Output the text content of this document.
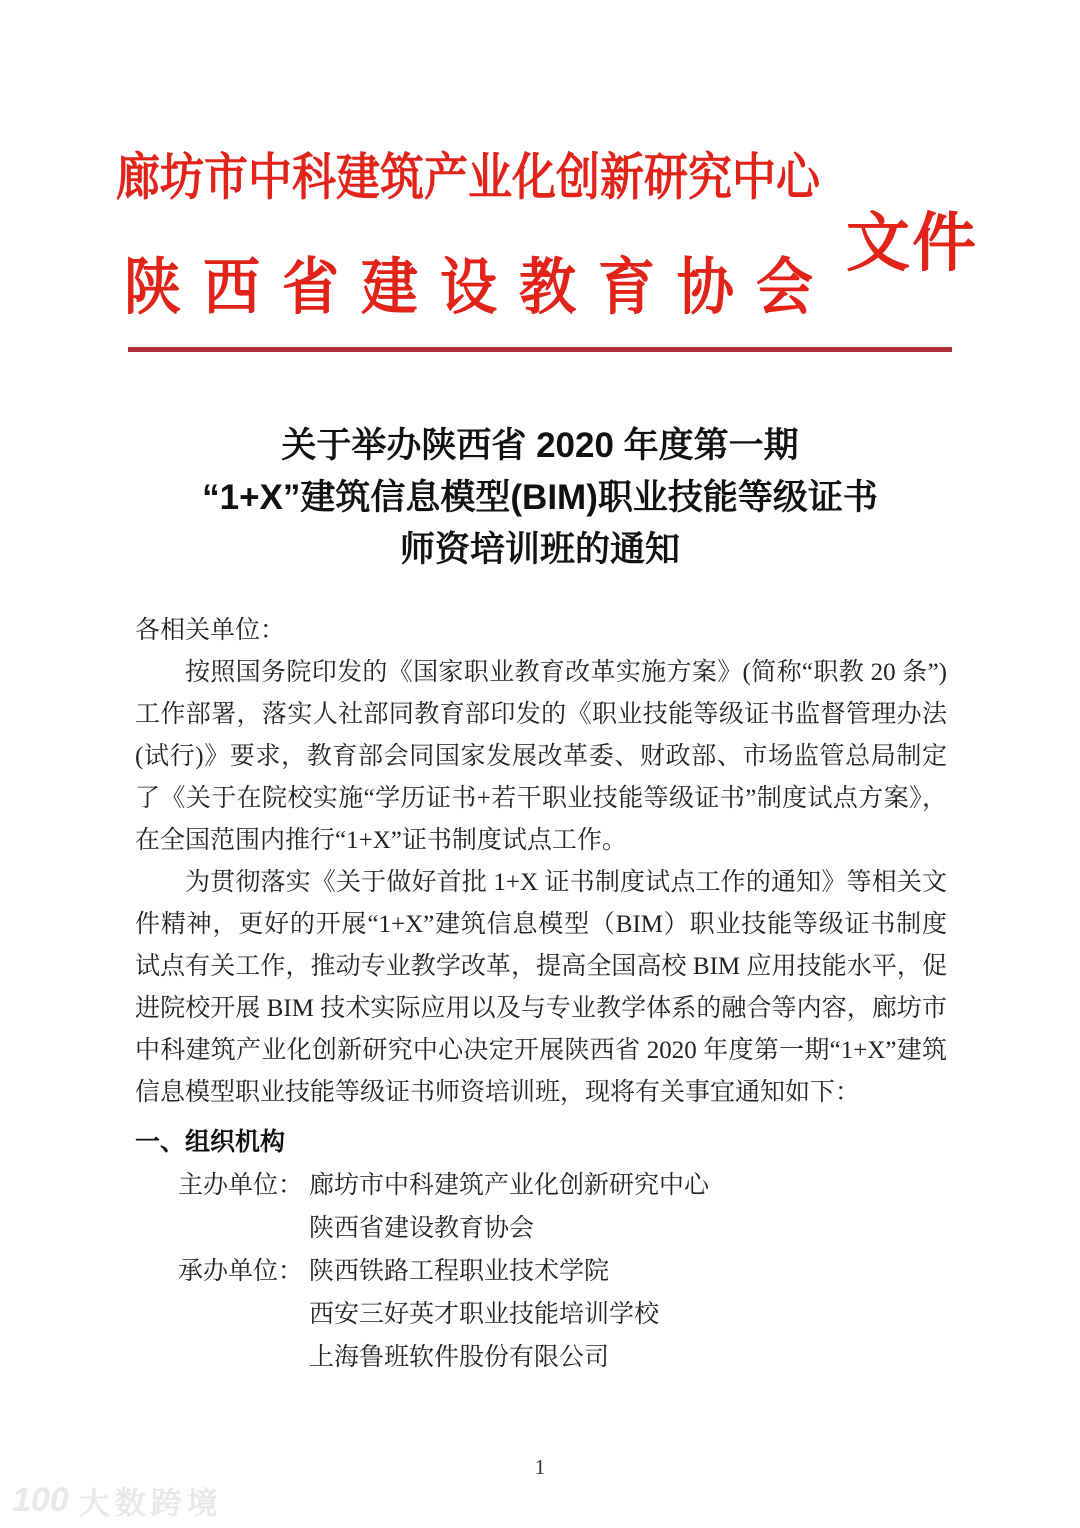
廊坊市中科建筑产业化创新研究中心
陕西省建设教育协会
文件
关于举办陕西省 2020 年度第一期
“1+X”建筑信息模型(BIM)职业技能等级证书
师资培训班的通知
各相关单位：

按照国务院印发的《国家职业教育改革实施方案》(简称“职教 20 条”) 工作部署，落实人社部同教育部印发的《职业技能等级证书监督管理办法(试行)》要求，教育部会同国家发展改革委、财政部、市场监管总局制定了《关于在院校实施“学历证书+若干职业技能等级证书”制度试点方案》，在全国范围内推行“1+X”证书制度试点工作。

为贯彻落实《关于做好首批 1+X 证书制度试点工作的通知》等相关文件精神，更好的开展“1+X”建筑信息模型（BIM）职业技能等级证书制度试点有关工作，推动专业教学改革，提高全国高校 BIM 应用技能水平，促进院校开展 BIM 技术实际应用以及与专业教学体系的融合等内容，廊坊市中科建筑产业化创新研究中心决定开展陕西省 2020 年度第一期“1+X”建筑信息模型职业技能等级证书师资培训班，现将有关事宜通知如下：

一、组织机构
主办单位： 廊坊市中科建筑产业化创新研究中心
陕西省建设教育协会
承办单位： 陕西铁路工程职业技术学院
西安三好英才职业技能培训学校
上海鲁班软件股份有限公司
1
100 大数跨境
